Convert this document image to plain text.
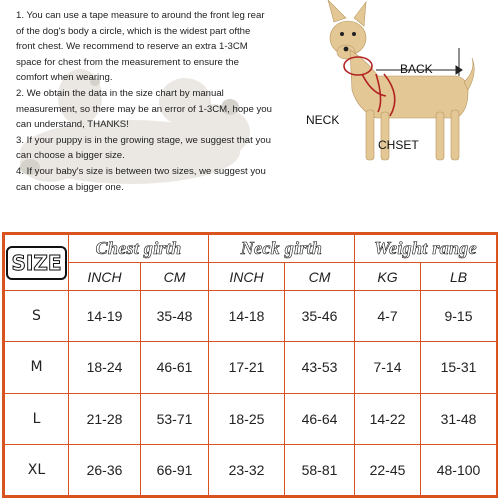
1. You can use a tape measure to around the front leg rear
of the dog's body a circle, which is the widest part ofthe
front chest. We recommend to reserve an extra 1-3CM
space for chest from the measurement to ensure the
comfort when wearing.
2. We obtain the data in the size chart by manual
measurement, so there may be an error of 1-3CM, hope you
can understand, THANKS!
3. If your puppy is in the growing stage, we suggest that you
can choose a bigger size.
4. If your baby's size is between two sizes, we suggest you
can choose a bigger one.
BACK
NECK
CHSET
SIZE	Chest girth		Neck girth		Weight range	
	INCH	CM	INCH	CM	KG	LB
S	14-19	35-48	14-18	35-46	4-7	9-15
M	18-24	46-61	17-21	43-53	7-14	15-31
L	21-28	53-71	18-25	46-64	14-22	31-48
XL	26-36	66-91	23-32	58-81	22-45	48-100
